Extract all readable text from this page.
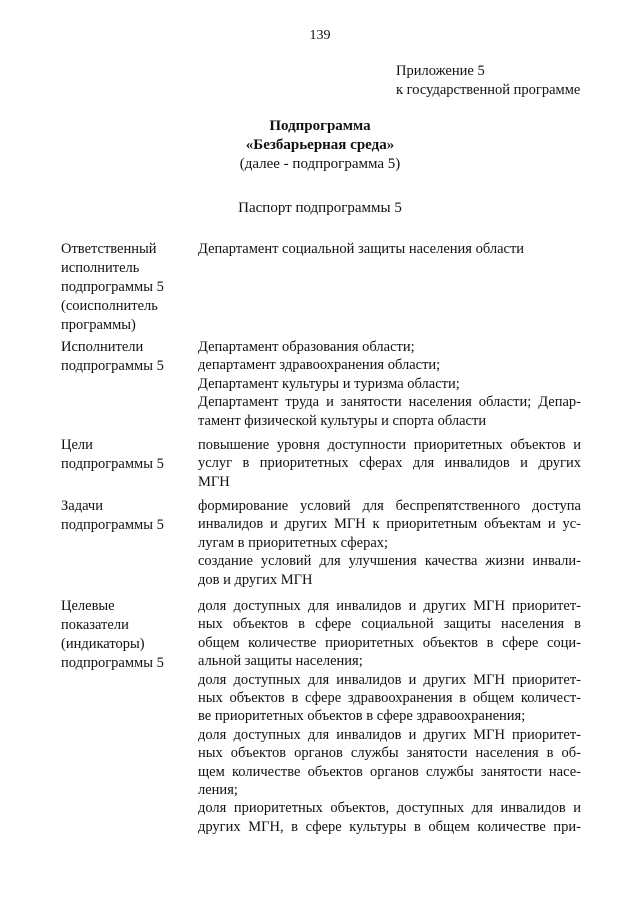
139
Приложение 5
к государственной программе
Подпрограмма
«Безбарьерная среда»
(далее - подпрограмма 5)
Паспорт подпрограммы 5
Ответственный
исполнитель
подпрограммы 5
(соисполнитель
программы)
Департамент социальной защиты населения области
Исполнители
подпрограммы 5
Департамент образования области;
департамент здравоохранения области;
Департамент культуры и туризма области;
Департамент труда и занятости населения области; Депар-
тамент физической культуры и спорта области
Цели
подпрограммы 5
повышение уровня доступности приоритетных объектов и
услуг в приоритетных сферах для инвалидов и других
МГН
Задачи
подпрограммы 5
формирование условий для беспрепятственного доступа
инвалидов и других МГН к приоритетным объектам и ус-
лугам в приоритетных сферах;
создание условий для улучшения качества жизни инвали-
дов и других МГН
Целевые
показатели
(индикаторы)
подпрограммы 5
доля доступных для инвалидов и других МГН приоритет-
ных объектов в сфере социальной защиты населения в
общем количестве приоритетных объектов в сфере соци-
альной защиты населения;
доля доступных для инвалидов и других МГН приоритет-
ных объектов в сфере здравоохранения в общем количест-
ве приоритетных объектов в сфере здравоохранения;
доля доступных для инвалидов и других МГН приоритет-
ных объектов органов службы занятости населения в об-
щем количестве объектов органов службы занятости насе-
ления;
доля приоритетных объектов, доступных для инвалидов и
других МГН, в сфере культуры в общем количестве при-
